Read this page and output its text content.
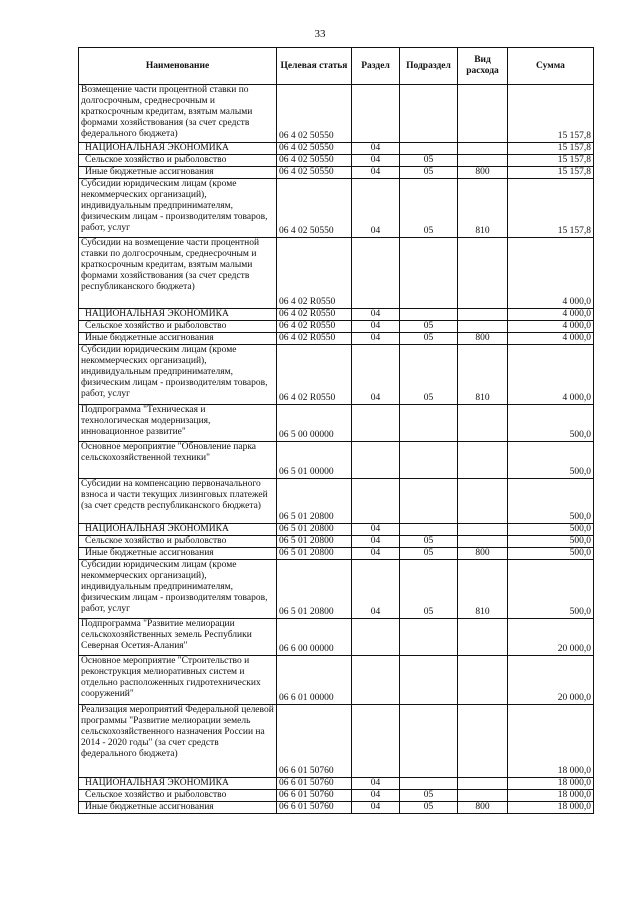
33
Наименование	Целевая статья	Раздел	Подраздел	Вид расхода	Сумма
Возмещение части процентной ставки по долгосрочным, среднесрочным и краткосрочным кредитам, взятым малыми формами хозяйствования (за счет средств федерального бюджета)	06 4 02 50550				15 157,8
НАЦИОНАЛЬНАЯ ЭКОНОМИКА	06 4 02 50550	04			15 157,8
Сельское хозяйство и рыболовство	06 4 02 50550	04	05		15 157,8
Иные бюджетные ассигнования	06 4 02 50550	04	05	800	15 157,8
Субсидии юридическим лицам (кроме некоммерческих организаций), индивидуальным предпринимателям, физическим лицам - производителям товаров, работ, услуг	06 4 02 50550	04	05	810	15 157,8
Субсидии на возмещение части процентной ставки по долгосрочным, среднесрочным и краткосрочным кредитам, взятым малыми формами хозяйствования (за счет средств республиканского бюджета)	06 4 02 R0550				4 000,0
НАЦИОНАЛЬНАЯ ЭКОНОМИКА	06 4 02 R0550	04			4 000,0
Сельское хозяйство и рыболовство	06 4 02 R0550	04	05		4 000,0
Иные бюджетные ассигнования	06 4 02 R0550	04	05	800	4 000,0
Субсидии юридическим лицам (кроме некоммерческих организаций), индивидуальным предпринимателям, физическим лицам - производителям товаров, работ, услуг	06 4 02 R0550	04	05	810	4 000,0
Подпрограмма "Техническая и технологическая модернизация, инновационное развитие"	06 5 00 00000				500,0
Основное мероприятие "Обновление парка сельскохозяйственной техники"	06 5 01 00000				500,0
Субсидии на компенсацию первоначального взноса и части текущих лизинговых платежей (за счет средств республиканского бюджета)	06 5 01 20800				500,0
НАЦИОНАЛЬНАЯ ЭКОНОМИКА	06 5 01 20800	04			500,0
Сельское хозяйство и рыболовство	06 5 01 20800	04	05		500,0
Иные бюджетные ассигнования	06 5 01 20800	04	05	800	500,0
Субсидии юридическим лицам (кроме некоммерческих организаций), индивидуальным предпринимателям, физическим лицам - производителям товаров, работ, услуг	06 5 01 20800	04	05	810	500,0
Подпрограмма "Развитие мелиорации сельскохозяйственных земель Республики Северная Осетия-Алания"	06 6 00 00000				20 000,0
Основное мероприятие "Строительство и реконструкция мелиоративных систем и отдельно расположенных гидротехнических сооружений"	06 6 01 00000				20 000,0
Реализация мероприятий Федеральной целевой программы "Развитие мелиорации земель сельскохозяйственного назначения России на 2014 - 2020 годы" (за счет средств федерального бюджета)	06 6 01 50760				18 000,0
НАЦИОНАЛЬНАЯ ЭКОНОМИКА	06 6 01 50760	04			18 000,0
Сельское хозяйство и рыболовство	06 6 01 50760	04	05		18 000,0
Иные бюджетные ассигнования	06 6 01 50760	04	05	800	18 000,0
